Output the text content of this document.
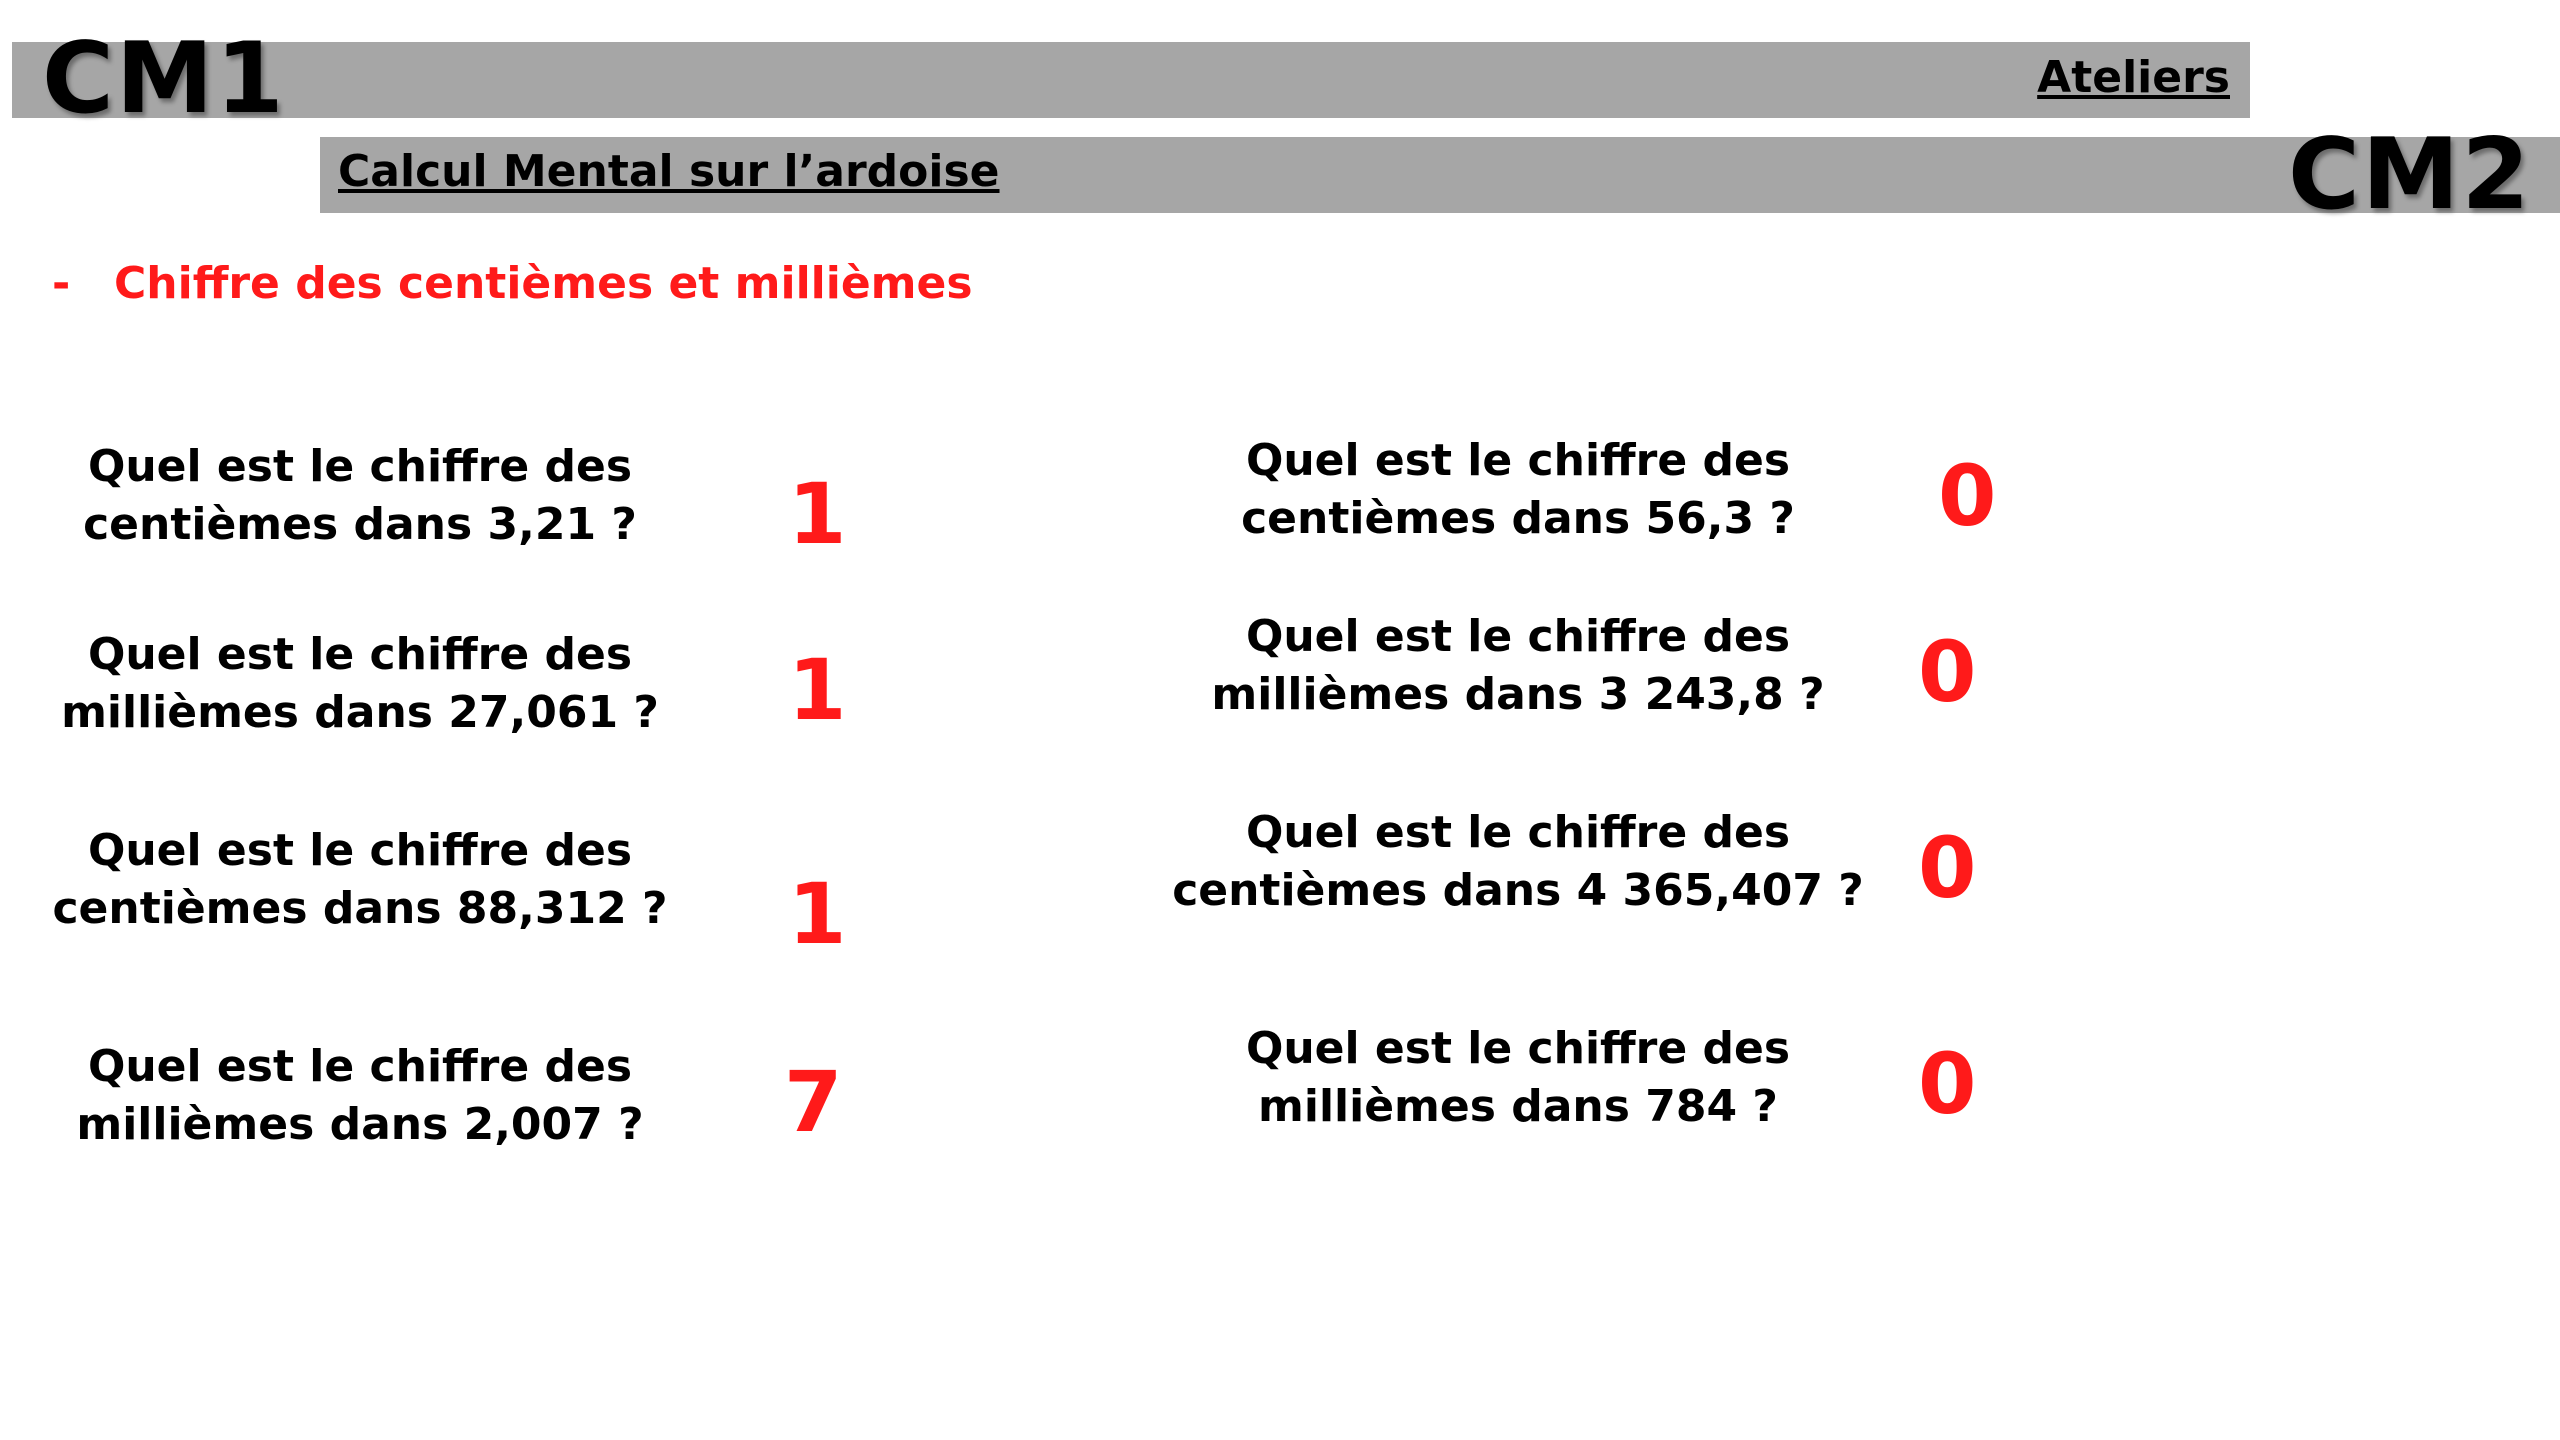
CM1
CM2
Ateliers
Calcul Mental sur l’ardoise
- Chiffre des centièmes et millièmes
Quel est le chiffre des
centièmes dans 3,21 ?	1
Quel est le chiffre des
millièmes dans 27,061 ?	1
Quel est le chiffre des
centièmes dans 88,312 ?	1
Quel est le chiffre des
millièmes dans 2,007 ?	7
Quel est le chiffre des
centièmes dans 56,3 ?	0
Quel est le chiffre des
millièmes dans 3 243,8 ?	0
Quel est le chiffre des
centièmes dans 4 365,407 ? 0
Quel est le chiffre des
millièmes dans 784 ?	0
